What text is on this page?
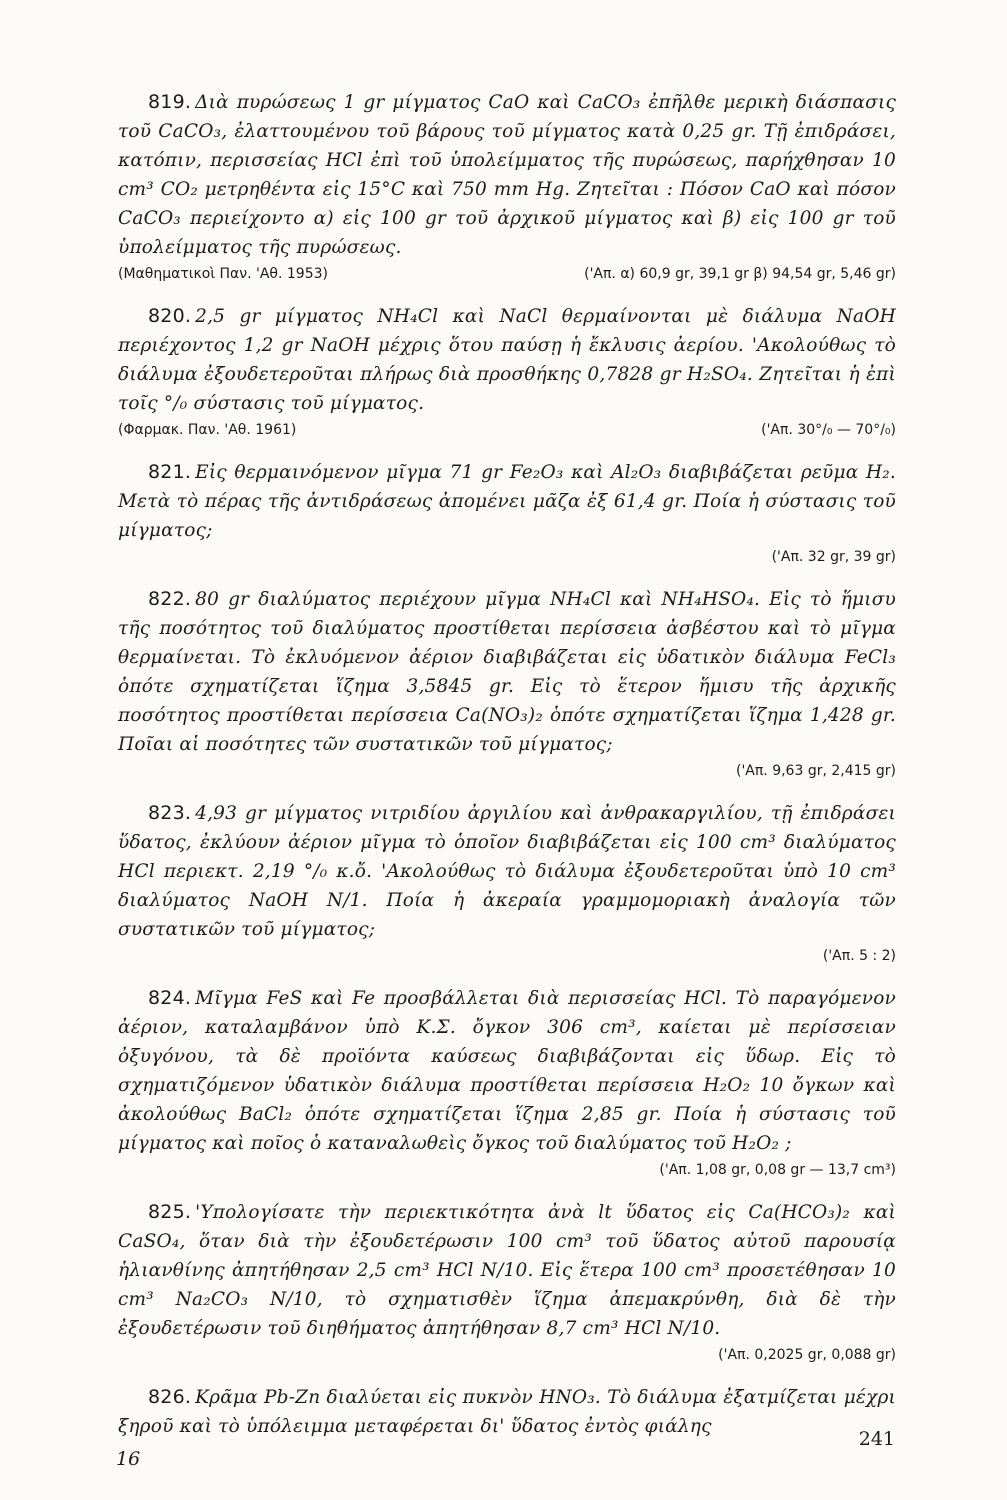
819. Διὰ πυρώσεως 1 gr μίγματος CaO καὶ CaCO₃ ἐπῆλθε μερικὴ διάσπασις τοῦ CaCO₃, ἐλαττουμένου τοῦ βάρους τοῦ μίγματος κατὰ 0,25 gr. Τῇ ἐπιδράσει, κατόπιν, περισσείας HCl ἐπὶ τοῦ ὑπολείμματος τῆς πυρώσεως, παρήχθησαν 10 cm³ CO₂ μετρηθέντα εἰς 15°C καὶ 750 mm Hg. Ζητεῖται : Πόσον CaO καὶ πόσον CaCO₃ περιείχοντο α) εἰς 100 gr τοῦ ἀρχικοῦ μίγματος καὶ β) εἰς 100 gr τοῦ ὑπολείμματος τῆς πυρώσεως.

(Μαθηματικοὶ Παν. 'Αθ. 1953)	('Απ. α) 60,9 gr, 39,1 gr β) 94,54 gr, 5,46 gr)

820. 2,5 gr μίγματος NH₄Cl καὶ NaCl θερμαίνονται μὲ διάλυμα NaOH περιέχοντος 1,2 gr NaOH μέχρις ὅτου παύσῃ ἡ ἔκλυσις ἀερίου. 'Ακολούθως τὸ διάλυμα ἐξουδετεροῦται πλήρως διὰ προσθήκης 0,7828 gr H₂SO₄. Ζητεῖται ἡ ἐπὶ τοῖς °/₀ σύστασις τοῦ μίγματος.

(Φαρμακ. Παν. 'Αθ. 1961)	('Απ. 30°/₀ — 70°/₀)

821. Εἰς θερμαινόμενον μῖγμα 71 gr Fe₂O₃ καὶ Al₂O₃ διαβιβάζεται ρεῦμα H₂. Μετὰ τὸ πέρας τῆς ἀντιδράσεως ἀπομένει μᾶζα ἐξ 61,4 gr. Ποία ἡ σύστασις τοῦ μίγματος;

('Απ. 32 gr, 39 gr)

822. 80 gr διαλύματος περιέχουν μῖγμα NH₄Cl καὶ NH₄HSO₄. Εἰς τὸ ἥμισυ τῆς ποσότητος τοῦ διαλύματος προστίθεται περίσσεια ἀσβέστου καὶ τὸ μῖγμα θερμαίνεται. Τὸ ἐκλυόμενον ἀέριον διαβιβάζεται εἰς ὑδατικὸν διάλυμα FeCl₃ ὁπότε σχηματίζεται ἵζημα 3,5845 gr. Εἰς τὸ ἕτερον ἥμισυ τῆς ἀρχικῆς ποσότητος προστίθεται περίσσεια Ca(NO₃)₂ ὁπότε σχηματίζεται ἵζημα 1,428 gr. Ποῖαι αἱ ποσότητες τῶν συστατικῶν τοῦ μίγματος;

('Απ. 9,63 gr, 2,415 gr)

823. 4,93 gr μίγματος νιτριδίου ἀργιλίου καὶ ἀνθρακαργιλίου, τῇ ἐπιδράσει ὕδατος, ἐκλύουν ἀέριον μῖγμα τὸ ὁποῖον διαβιβάζεται εἰς 100 cm³ διαλύματος HCl περιεκτ. 2,19 °/₀ κ.ὄ. 'Ακολούθως τὸ διάλυμα ἐξουδετεροῦται ὑπὸ 10 cm³ διαλύματος NaOH N/1. Ποία ἡ ἀκεραία γραμμομοριακὴ ἀναλογία τῶν συστατικῶν τοῦ μίγματος;

('Απ. 5 : 2)

824. Μῖγμα FeS καὶ Fe προσβάλλεται διὰ περισσείας HCl. Τὸ παραγόμενον ἀέριον, καταλαμβάνον ὑπὸ Κ.Σ. ὄγκον 306 cm³, καίεται μὲ περίσσειαν ὀξυγόνου, τὰ δὲ προϊόντα καύσεως διαβιβάζονται εἰς ὕδωρ. Εἰς τὸ σχηματιζόμενον ὑδατικὸν διάλυμα προστίθεται περίσσεια H₂O₂ 10 ὄγκων καὶ ἀκολούθως BaCl₂ ὁπότε σχηματίζεται ἵζημα 2,85 gr. Ποία ἡ σύστασις τοῦ μίγματος καὶ ποῖος ὁ καταναλωθεὶς ὄγκος τοῦ διαλύματος τοῦ H₂O₂ ;

('Απ. 1,08 gr, 0,08 gr — 13,7 cm³)

825. 'Υπολογίσατε τὴν περιεκτικότητα ἀνὰ lt ὕδατος εἰς Ca(HCO₃)₂ καὶ CaSO₄, ὅταν διὰ τὴν ἐξουδετέρωσιν 100 cm³ τοῦ ὕδατος αὐτοῦ παρουσίᾳ ἡλιανθίνης ἀπητήθησαν 2,5 cm³ HCl N/10. Εἰς ἕτερα 100 cm³ προσετέθησαν 10 cm³ Na₂CO₃ N/10, τὸ σχηματισθὲν ἵζημα ἀπεμακρύνθη, διὰ δὲ τὴν ἐξουδετέρωσιν τοῦ διηθήματος ἀπητήθησαν 8,7 cm³ HCl N/10.

('Απ. 0,2025 gr, 0,088 gr)

826. Κρᾶμα Pb-Zn διαλύεται εἰς πυκνὸν HNO₃. Τὸ διάλυμα ἐξατμίζεται μέχρι ξηροῦ καὶ τὸ ὑπόλειμμα μεταφέρεται δι' ὕδατος ἐντὸς φιάλης

241
16
